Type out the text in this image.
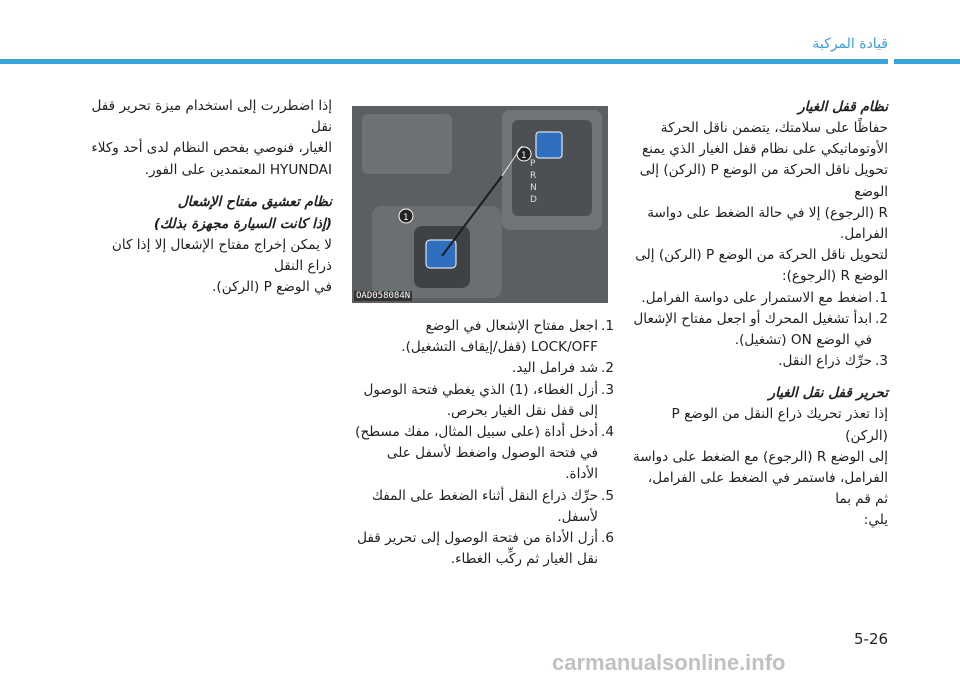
قيادة المركبة
نظام قفل الغيار

حفاظًا على سلامتك، يتضمن ناقل الحركة

الأوتوماتيكي على نظام قفل الغيار الذي يمنع

تحويل ناقل الحركة من الوضع P (الركن) إلى الوضع

R (الرجوع) إلا في حالة الضغط على دواسة الفرامل.

لتحويل ناقل الحركة من الوضع P (الركن) إلى

الوضع R (الرجوع):

1.

اضغط مع الاستمرار على دواسة الفرامل.

2.

ابدأ تشغيل المحرك أو اجعل مفتاح الإشعال

في الوضع ON (تشغيل).

3.

حرِّك ذراع النقل.

تحرير قفل نقل الغيار

إذا تعذر تحريك ذراع النقل من الوضع P (الركن)

إلى الوضع R (الرجوع) مع الضغط على دواسة

الفرامل، فاستمر في الضغط على الفرامل، ثم قم بما

يلي:

P
R
N
D
1
1
OAD058084N
1.

اجعل مفتاح الإشعال في الوضع

LOCK/OFF (قفل/إيقاف التشغيل).

2.

شد فرامل اليد.

3.

أزل الغطاء، (1) الذي يغطي فتحة الوصول

إلى قفل نقل الغيار بحرص.

4.

أدخل أداة (على سبيل المثال، مفك مسطح)

في فتحة الوصول واضغط لأسفل على الأداة.

5.

حرِّك ذراع النقل أثناء الضغط على المفك

لأسفل.

6.

أزل الأداة من فتحة الوصول إلى تحرير قفل

نقل الغيار ثم ركِّب الغطاء.

إذا اضطررت إلى استخدام ميزة تحرير قفل نقل

الغيار، فنوصي بفحص النظام لدى أحد وكلاء

HYUNDAI المعتمدين على الفور.

نظام تعشيق مفتاح الإشعال
(إذا كانت السيارة مجهزة بذلك)

لا يمكن إخراج مفتاح الإشعال إلا إذا كان ذراع النقل

في الوضع P (الركن).

5-26
carmanualsonline.info
